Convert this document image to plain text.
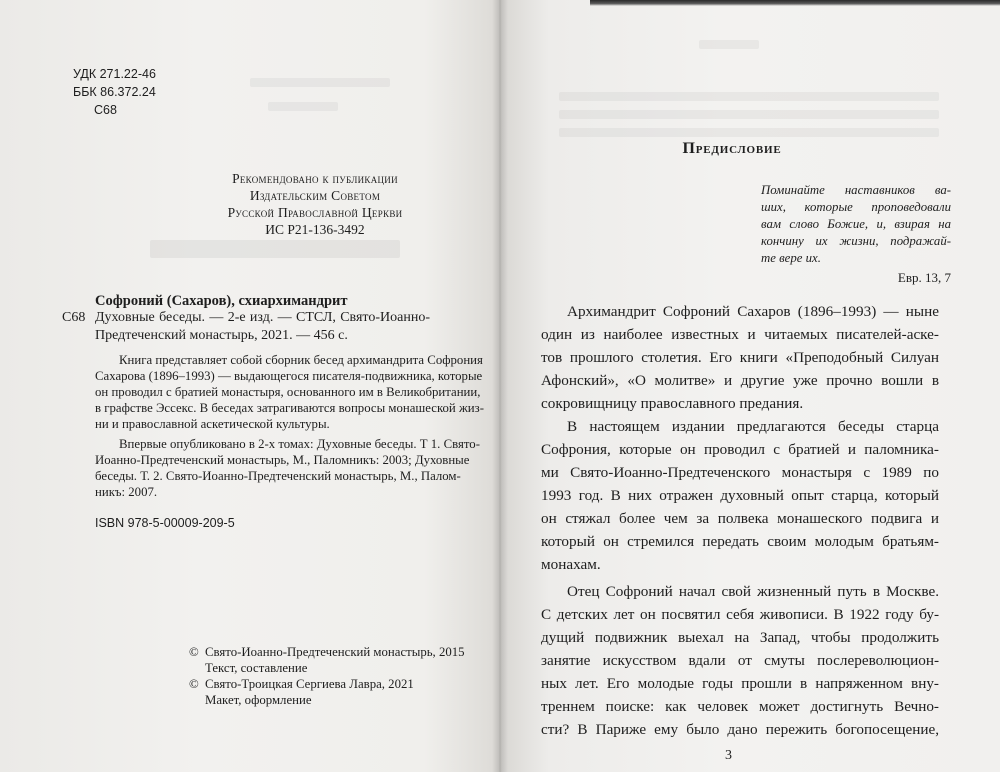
УДК 271.22-46
ББК 86.372.24
С68
Рекомендовано к публикации
Издательским Советом
Русской Православной Церкви
ИС Р21-136-3492
Софроний (Сахаров), схиархимандрит
С68 Духовные беседы. — 2-е изд. — СТСЛ, Свято-Иоанно-
Предтеченский монастырь, 2021. — 456 с.
Книга представляет собой сборник бесед архимандрита Софрония
Сахарова (1896–1993) — выдающегося писателя-подвижника, которые
он проводил с братией монастыря, основанного им в Великобритании,
в графстве Эссекс. В беседах затрагиваются вопросы монашеской жиз-
ни и православной аскетической культуры.
Впервые опубликовано в 2-х томах: Духовные беседы. Т 1. Свято-
Иоанно-Предтеченский монастырь, М., Паломникъ: 2003; Духовные
беседы. Т. 2. Свято-Иоанно-Предтеченский монастырь, М., Палом-
никъ: 2007.
ISBN 978-5-00009-209-5
© Свято-Иоанно-Предтеченский монастырь, 2015
Текст, составление
© Свято-Троицкая Сергиева Лавра, 2021
Макет, оформление
Предисловие
Поминайте наставников ва-
ших, которые проповедовали
вам слово Божие, и, взирая на
кончину их жизни, подражай-
те вере их.
Евр. 13, 7
Архимандрит Софроний Сахаров (1896–1993) — ныне
один из наиболее известных и читаемых писателей-аске-
тов прошлого столетия. Его книги «Преподобный Силуан
Афонский», «О молитве» и другие уже прочно вошли в
сокровищницу православного предания.
В настоящем издании предлагаются беседы старца
Софрония, которые он проводил с братией и паломника-
ми Свято-Иоанно-Предтеченского монастыря с 1989 по
1993 год. В них отражен духовный опыт старца, который
он стяжал более чем за полвека монашеского подвига и
который он стремился передать своим молодым братьям-
монахам.
Отец Софроний начал свой жизненный путь в Москве.
С детских лет он посвятил себя живописи. В 1922 году бу-
дущий подвижник выехал на Запад, чтобы продолжить
занятие искусством вдали от смуты послереволюцион-
ных лет. Его молодые годы прошли в напряженном вну-
треннем поиске: как человек может достигнуть Вечно-
сти? В Париже ему было дано пережить богопосещение,
3
